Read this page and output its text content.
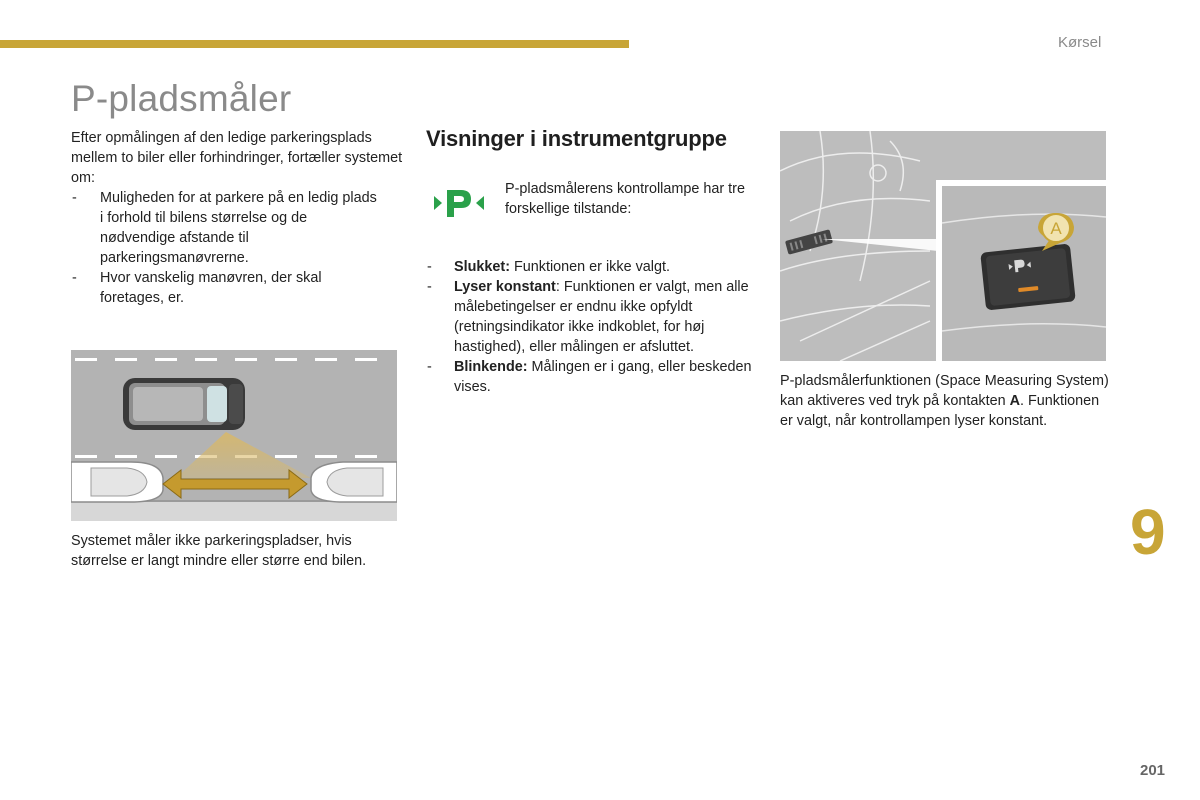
Kørsel
P-pladsmåler

Efter opmålingen af den ledige parkeringsplads mellem to biler eller forhindringer, fortæller systemet om:

- Muligheden for at parkere på en ledig plads i forhold til bilens størrelse og de nødvendige afstande til parkeringsmanøvrerne.
- Hvor vanskelig manøvren, der skal foretages, er.

Systemet måler ikke parkeringspladser, hvis størrelse er langt mindre eller større end bilen.

Visninger i instrumentgruppe

P-pladsmålerens kontrollampe har tre forskellige tilstande:

- Slukket: Funktionen er ikke valgt.
- Lyser konstant: Funktionen er valgt, men alle målebetingelser er endnu ikke opfyldt (retningsindikator ikke indkoblet, for høj hastighed), eller målingen er afsluttet.
- Blinkende: Målingen er i gang, eller beskeden vises.
A

P-pladsmålerfunktionen (Space Measuring System) kan aktiveres ved tryk på kontakten A. Funktionen er valgt, når kontrollampen lyser konstant.

9
201
